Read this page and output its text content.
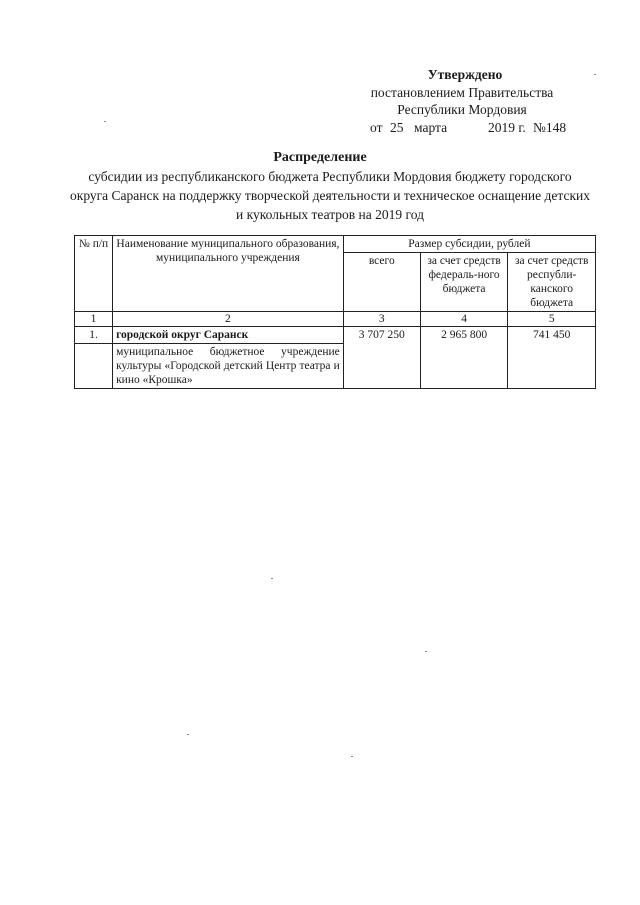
Утверждено
постановлением Правительства
Республики Мордовия
от 25 марта	2019 г. №148
Распределение
субсидии из республиканского бюджета Республики Мордовия бюджету городского округа Саранск на поддержку творческой деятельности и техническое оснащение детских и кукольных театров на 2019 год
№ п/п	Наименование муниципального образования, муниципального учреждения	Размер субсидии, рублей		
		всего	за счет средств федераль-ного бюджета	за счет средств республи-канского бюджета
1	2	3	4	5
1.	городской округ Саранск	3 707 250	2 965 800	741 450
	муниципальное бюджетное учреждение культуры «Городской детский Центр театра и кино «Крошка»			
